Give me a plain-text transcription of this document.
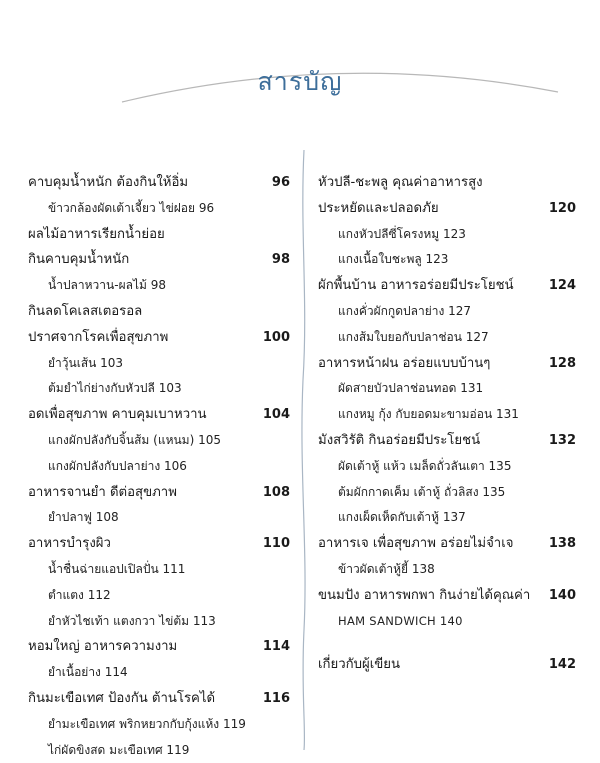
สารบัญ
คาบคุมน้ำหนัก ต้องกินให้อิ่ม	96
ข้าวกล้องผัดเต้าเจี้ยว ไข่ฝอย 96
ผลไม้อาหารเรียกน้ำย่อย
กินคาบคุมน้ำหนัก	98
น้ำปลาหวาน-ผลไม้ 98
กินลดโคเลสเตอรอล
ปราศจากโรคเพื่อสุขภาพ	100
ยำวุ้นเส้น 103
ต้มยำไก่ย่างกับหัวปลี 103
อดเพื่อสุขภาพ คาบคุมเบาหวาน	104
แกงผักปลังกับจิ้นส้ม (แหนม) 105
แกงผักปลังกับปลาย่าง 106
อาหารจานยำ ดีต่อสุขภาพ	108
ยำปลาฟู 108
อาหารบำรุงผิว	110
น้ำชื่นฉ่ายแอปเปิลปั่น 111
ตำแตง 112
ยำหัวไชเท้า แตงกวา ไข่ต้ม 113
หอมใหญ่ อาหารความงาม	114
ยำเนื้อย่าง 114
กินมะเขือเทศ ป้องกัน ต้านโรคได้	116
ยำมะเขือเทศ พริกหยวกกับกุ้งแห้ง 119
ไก่ผัดขิงสด มะเขือเทศ 119
หัวปลี-ชะพลู คุณค่าอาหารสูง
ประหยัดและปลอดภัย	120
แกงหัวปลีซี่โครงหมู 123
แกงเนื้อใบชะพลู 123
ผักพื้นบ้าน อาหารอร่อยมีประโยชน์	124
แกงคั่วผักกูดปลาย่าง 127
แกงส้มใบยอกับปลาช่อน 127
อาหารหน้าฝน อร่อยแบบบ้านๆ	128
ผัดสายบัวปลาช่อนทอด 131
แกงหมู กุ้ง กับยอดมะขามอ่อน 131
มังสวิรัติ กินอร่อยมีประโยชน์	132
ผัดเต้าหู้ แห้ว เมล็ดถั่วลันเตา 135
ต้มผักกาดเค็ม เต้าหู้ ถั่วลิสง 135
แกงเผ็ดเห็ดกับเต้าหู้ 137
อาหารเจ เพื่อสุขภาพ อร่อยไม่จำเจ	138
ข้าวผัดเต้าหู้ยี้ 138
ขนมปัง อาหารพกพา กินง่ายได้คุณค่า 140
HAM SANDWICH 140
เกี่ยวกับผู้เขียน	142
